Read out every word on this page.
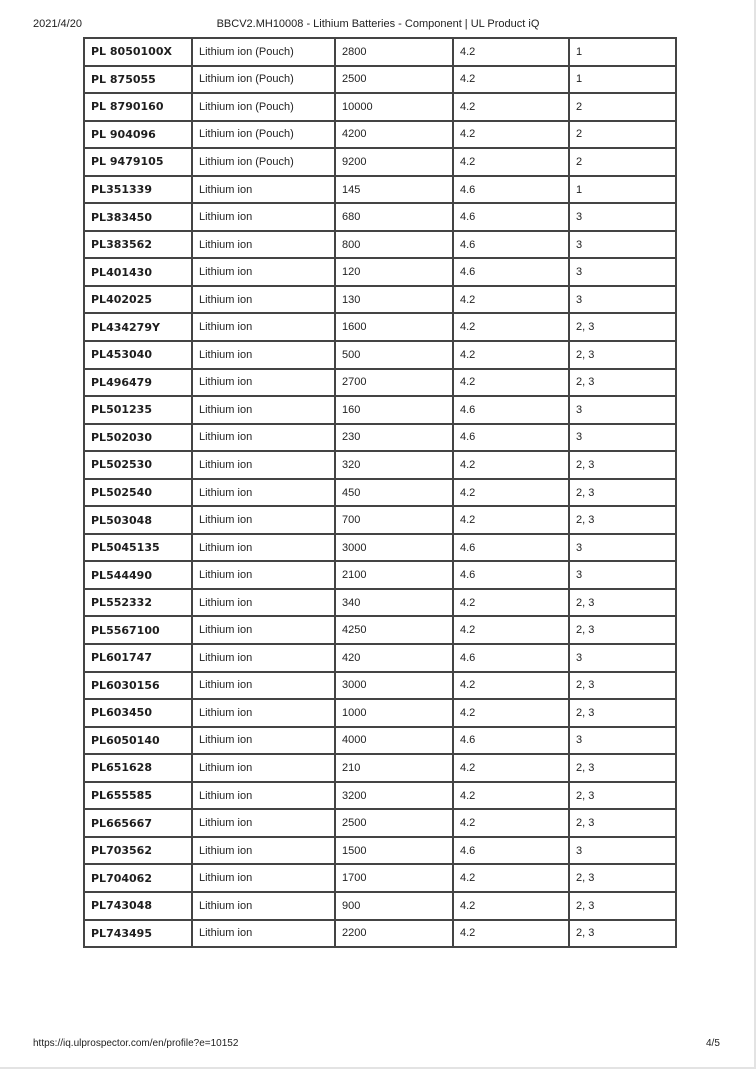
2021/4/20	BBCV2.MH10008 - Lithium Batteries - Component | UL Product iQ
PL 8050100X	Lithium ion (Pouch)	2800	4.2	1
PL 875055	Lithium ion (Pouch)	2500	4.2	1
PL 8790160	Lithium ion (Pouch)	10000	4.2	2
PL 904096	Lithium ion (Pouch)	4200	4.2	2
PL 9479105	Lithium ion (Pouch)	9200	4.2	2
PL351339	Lithium ion	145	4.6	1
PL383450	Lithium ion	680	4.6	3
PL383562	Lithium ion	800	4.6	3
PL401430	Lithium ion	120	4.6	3
PL402025	Lithium ion	130	4.2	3
PL434279Y	Lithium ion	1600	4.2	2, 3
PL453040	Lithium ion	500	4.2	2, 3
PL496479	Lithium ion	2700	4.2	2, 3
PL501235	Lithium ion	160	4.6	3
PL502030	Lithium ion	230	4.6	3
PL502530	Lithium ion	320	4.2	2, 3
PL502540	Lithium ion	450	4.2	2, 3
PL503048	Lithium ion	700	4.2	2, 3
PL5045135	Lithium ion	3000	4.6	3
PL544490	Lithium ion	2100	4.6	3
PL552332	Lithium ion	340	4.2	2, 3
PL5567100	Lithium ion	4250	4.2	2, 3
PL601747	Lithium ion	420	4.6	3
PL6030156	Lithium ion	3000	4.2	2, 3
PL603450	Lithium ion	1000	4.2	2, 3
PL6050140	Lithium ion	4000	4.6	3
PL651628	Lithium ion	210	4.2	2, 3
PL655585	Lithium ion	3200	4.2	2, 3
PL665667	Lithium ion	2500	4.2	2, 3
PL703562	Lithium ion	1500	4.6	3
PL704062	Lithium ion	1700	4.2	2, 3
PL743048	Lithium ion	900	4.2	2, 3
PL743495	Lithium ion	2200	4.2	2, 3
https://iq.ulprospector.com/en/profile?e=10152	4/5
